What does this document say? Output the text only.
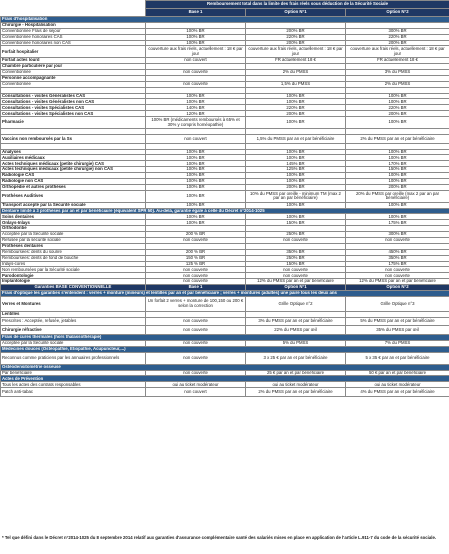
	Remboursement total dans la limite des frais réels sous déduction de la Sécurité Sociale		
	Base 1	Option N°1	Option N°2
Frais d'hospitalisation			
Chirurgie - Hospitalisation			
Conventionnée Frais de séjour	100% BR	200% BR	300% BR
Conventionnée honoraires CAS	100% BR	220% BR	220% BR
Conventionnée honoraires non CAS	100% BR	200% BR	200% BR
Forfait hospitalier	couverture aux frais réels, actuellement : 18 € par jour	couverture aux frais réels, actuellement : 18 € par jour	couverture aux frais réels, actuellement : 18 € par jour
Forfait actes lourd	non couvert	FR actuellement 18 €	FR actuellement 18 €
Chambre particulière par jour			
Conventionnée	non couverte	2% du PMSS	3% du PMSS
Personne accompagnante			
Conventionnée	non couverte	1,5% du PMSS	2% du PMSS

Consultations - visites Généralistes CAS	100% BR	100% BR	100% BR
Consultations - visites Généralistes non CAS	100% BR	100% BR	100% BR
Consultations - visites Spécialistes CAS	140% BR	220% BR	220% BR
Consultations - visites Spécialistes non CAS	120% BR	200% BR	200% BR
Pharmacie	100% BR (médicaments remboursés à 65% et 30% y compris homéopathie)	100% BR	100% BR

Vaccins non remboursés par la Ss	non couvert	1,5% du PMSS par an et par bénéficiaire	2% du PMSS par an et par bénéficiaire

Analyses	100% BR	100% BR	100% BR
Auxiliaires médicaux	100% BR	100% BR	100% BR
Actes techniques médicaux (petite chirurgie) CAS	100% BR	145% BR	170% BR
Actes techniques médicaux (petite chirurgie) non CAS	100% BR	125% BR	150% BR
Radiologie CAS	100% BR	100% BR	100% BR
Radiologie non CAS	100% BR	100% BR	100% BR
Orthopédie et autres prothèses	100% BR	200% BR	200% BR
Prothèses Auditives	100% BR	10% du PMSS par oreille - minimum TM (max 2 par an par bénéficiaire)	20% du PMSS par oreille (max 2 par an par bénéficiaire)
Transport accepté par la Sécurité sociale	100% BR	100% BR	100% BR
Dentaire limité à 3 prothèses par an et par bénéficiaire (équivalent SPR 50). Au-delà, garantie égale à celle du Décret n°2014-1025			
Soins dentaires	100% BR	100% BR	100% BR
Onlays-Inlays	100% BR	150% BR	175% BR
Orthodontie			
Acceptée par la Sécurité sociale	200 % BR	250% BR	300% BR
Refusée par la sécurité sociale	non couverte	non couverte	non couverte
Prothèses dentaires			
Remboursées: dents du sourire	200 % BR	350% BR	450% BR
Remboursées: dents de fond de bouche	150 % BR	250% BR	350% BR
Inlays-cores	125 % BR	150% BR	175% BR
Non remboursées par la Sécurité sociale	non couverte	non couverte	non couverte
Parodontologie	non couverte	non couverte	non couverte
Implantologie	non couverte	12% du PMSS par an et par bénéficiaire	12% du PMSS par an et par bénéficiaire
Garanties BASE CONVENTIONNELLE	Base 1	Option N°1	Option N°2
Frais d'optique les garanties s'entendent : verres + monture (mineurs) et lentilles par an et par bénéficiaire ; verres + montures (adultes) une paire tous les deux ans			
Verres et Montures	Un forfait 2 verres + monture de 100,150 ou 200 € selon la correction	Grille Optique n°2	Grille Optique n°3
Lentilles			
Prescrites : Acceptée, refusée, jetables	non couverte	3% du PMSS par an et par bénéficiaire	5% du PMSS par an et par bénéficiaire
Chirurgie réfractive	non couverte	22% du PMSS par œil	35% du PMSS par œil
Frais de cures thermales (hors thalassothérapie)			
Acceptée par la Sécurité sociale	non couverte	5% du PMSS	7% du PMSS
Médecines douces (Ostéopathie, Etiopathie, Acupuncteur,...)			
Reconnus comme praticiens par les annuaires professionnels	non couverte	3 x 25 € par an et par bénéficiaire	5 x 35 € par an et par bénéficiaire
Ostéodensitométrie osseuse			
Par bénéficiaire	non couverte	25 € par an et par bénéficiaire	50 € par an et par bénéficiaire
Actes de Prévention			
Tous les actes des contrats responsables	oui au ticket modérateur	oui au ticket modérateur	oui au ticket modérateur
Patch anti-tabac	non couvert	2% du PMSS par an et par bénéficiaire	4% du PMSS par an et par bénéficiaire
* Tel que défini dans le Décret n°2014-1025 du 8 septembre 2014 relatif aux garanties d'assurance complémentaire santé des salariés mises en place en application de l'article L.911-7 du code de la sécurité sociale.
